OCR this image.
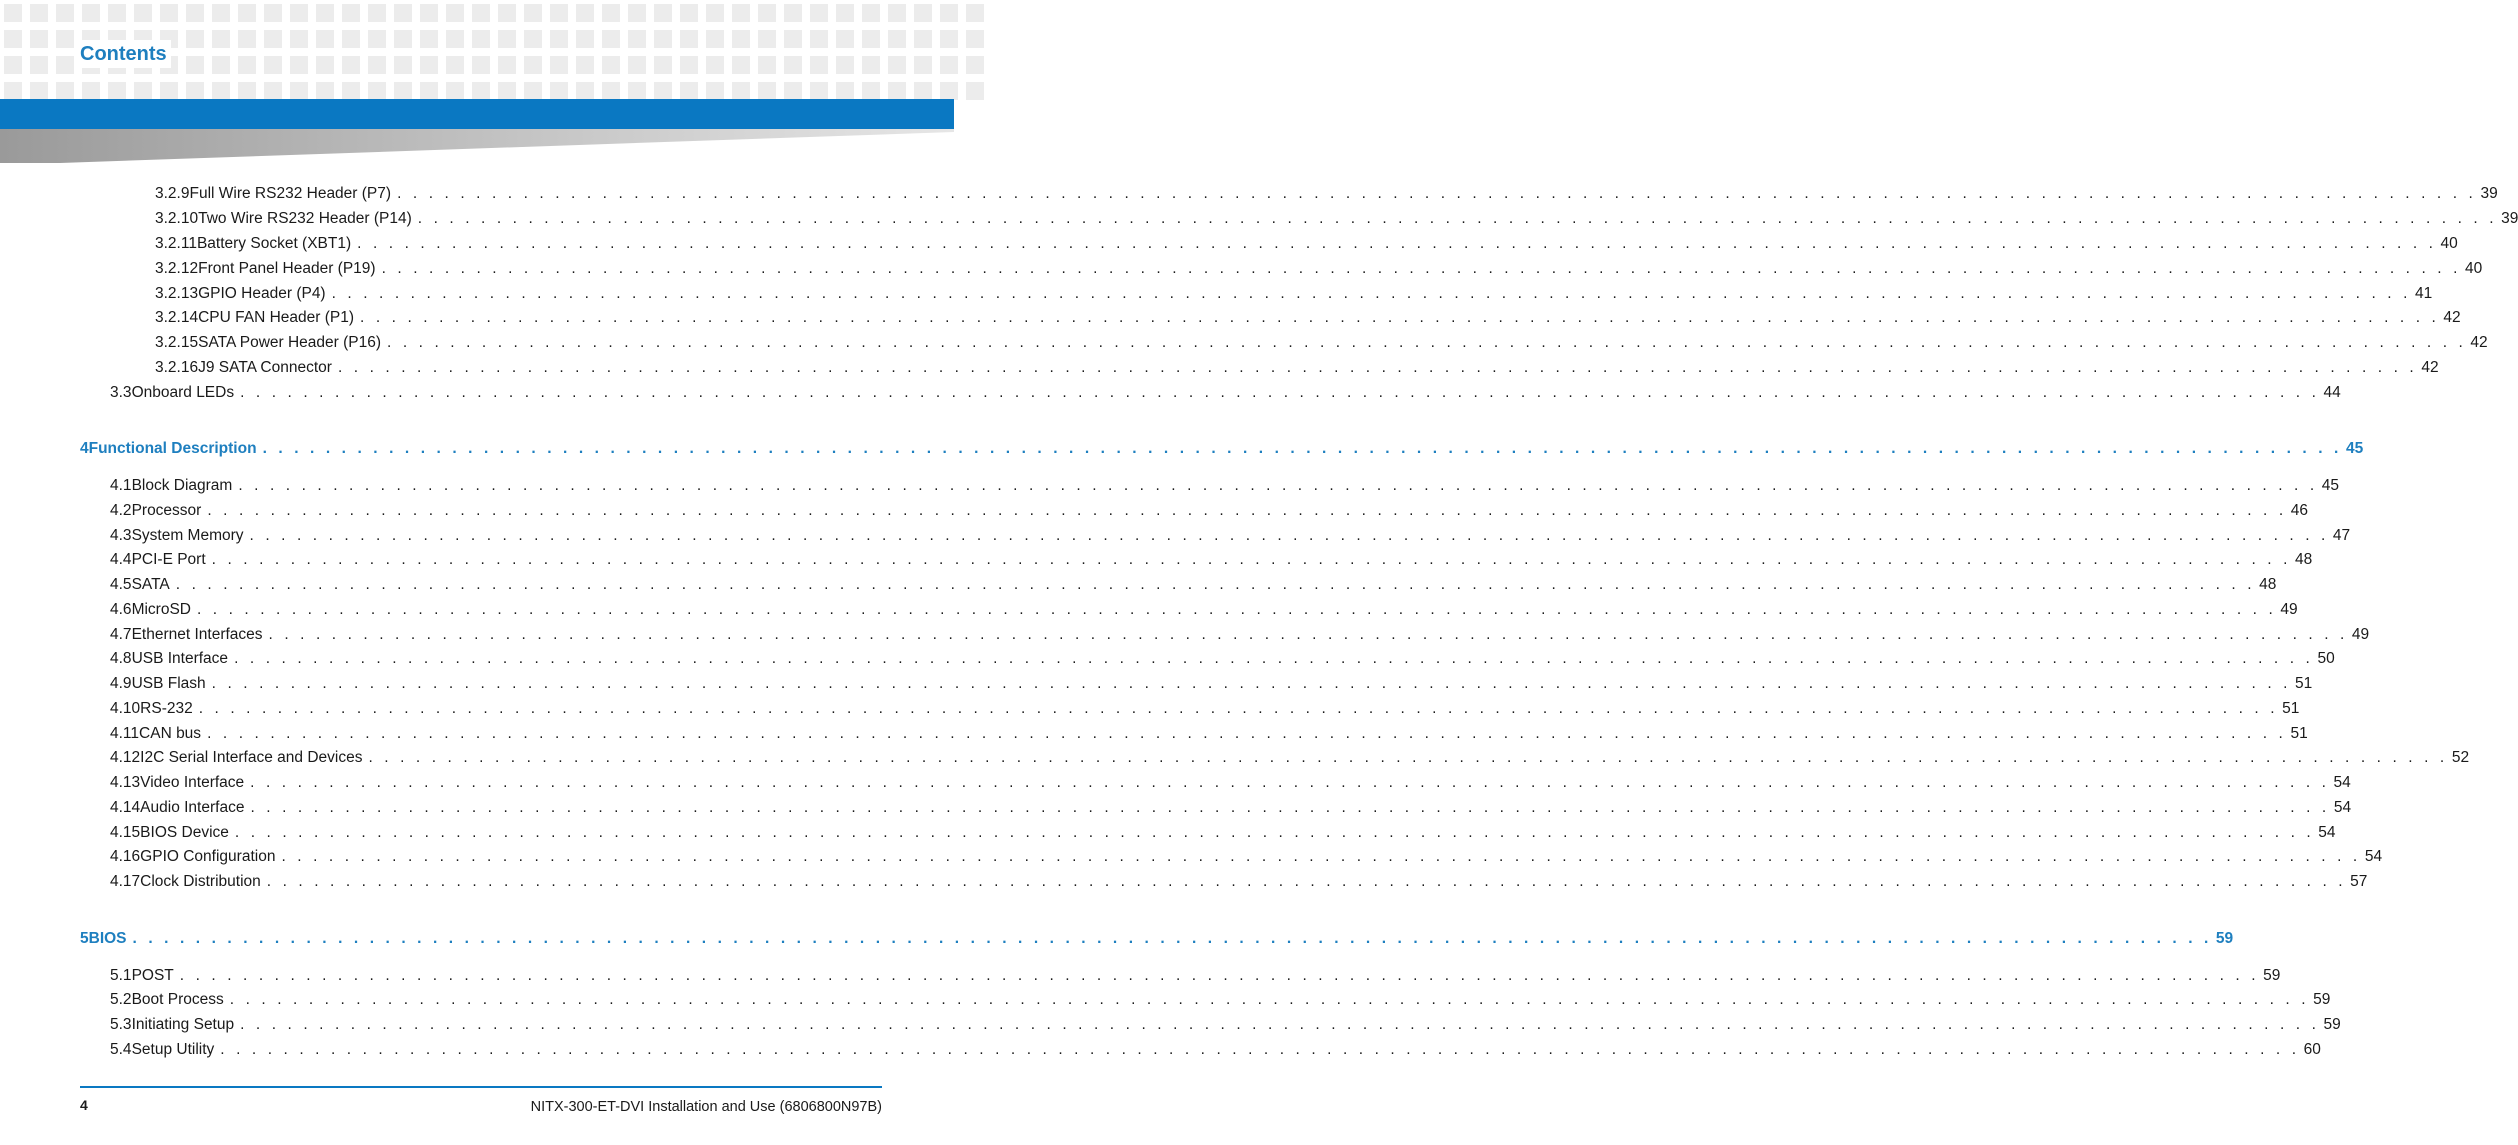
Contents
3.2.9 Full Wire RS232 Header (P7) . . . . . . . . . . . . . . . . . . . . . . . . . . . . . . . . . . . . . . . . . . . . . . . . . . . . . . . . . . . . . . . . . . . . . . . . . . . . . . . . . . . . . . . . . . . . . . . . . . . . . . . . . . . . . . . . . . . . . . . . . . . . . . . . . . . . 39
3.2.10 Two Wire RS232 Header (P14) . . . . . . . . . . . . . . . . . . . . . . . . . . . . . . . . . . . . . . . . . . . . . . . . . . . . . . . . . . . . . . . . . . . . . . . . . . . . . . . . . . . . . . . . . . . . . . . . . . . . . . . . . . . . . . . . . . . . . . . . . . . . . . . . . . . . 39
3.2.11 Battery Socket (XBT1) . . . . . . . . . . . . . . . . . . . . . . . . . . . . . . . . . . . . . . . . . . . . . . . . . . . . . . . . . . . . . . . . . . . . . . . . . . . . . . . . . . . . . . . . . . . . . . . . . . . . . . . . . . . . . . . . . . . . . . . . . . . . . . . . . . . . 40
3.2.12 Front Panel Header (P19) . . . . . . . . . . . . . . . . . . . . . . . . . . . . . . . . . . . . . . . . . . . . . . . . . . . . . . . . . . . . . . . . . . . . . . . . . . . . . . . . . . . . . . . . . . . . . . . . . . . . . . . . . . . . . . . . . . . . . . . . . . . . . . . . . . . . 40
3.2.13 GPIO Header (P4) . . . . . . . . . . . . . . . . . . . . . . . . . . . . . . . . . . . . . . . . . . . . . . . . . . . . . . . . . . . . . . . . . . . . . . . . . . . . . . . . . . . . . . . . . . . . . . . . . . . . . . . . . . . . . . . . . . . . . . . . . . . . . . . . . . . . 41
3.2.14 CPU FAN Header (P1) . . . . . . . . . . . . . . . . . . . . . . . . . . . . . . . . . . . . . . . . . . . . . . . . . . . . . . . . . . . . . . . . . . . . . . . . . . . . . . . . . . . . . . . . . . . . . . . . . . . . . . . . . . . . . . . . . . . . . . . . . . . . . . . . . . . . 42
3.2.15 SATA Power Header (P16) . . . . . . . . . . . . . . . . . . . . . . . . . . . . . . . . . . . . . . . . . . . . . . . . . . . . . . . . . . . . . . . . . . . . . . . . . . . . . . . . . . . . . . . . . . . . . . . . . . . . . . . . . . . . . . . . . . . . . . . . . . . . . . . . . . . . 42
3.2.16 J9 SATA Connector . . . . . . . . . . . . . . . . . . . . . . . . . . . . . . . . . . . . . . . . . . . . . . . . . . . . . . . . . . . . . . . . . . . . . . . . . . . . . . . . . . . . . . . . . . . . . . . . . . . . . . . . . . . . . . . . . . . . . . . . . . . . . . . . . . . . 42
3.3 Onboard LEDs . . . . . . . . . . . . . . . . . . . . . . . . . . . . . . . . . . . . . . . . . . . . . . . . . . . . . . . . . . . . . . . . . . . . . . . . . . . . . . . . . . . . . . . . . . . . . . . . . . . . . . . . . . . . . . . . . . . . . . . . . . . . . . . . . . . . 44
4 Functional Description . . . . . . . . . . . . . . . . . . . . . . . . . . . . . . . . . . . . . . . . . . . . . . . . . . . . . . . . . . . . . . . . . . . . . . . . . . . . . . . . . . . . . . . . . . . . . . . . . . . . . . . . . . . . . . . . . . . . . . . . . . . . . . . . . . . . 45
4.1 Block Diagram . . . . . . . . . . . . . . . . . . . . . . . . . . . . . . . . . . . . . . . . . . . . . . . . . . . . . . . . . . . . . . . . . . . . . . . . . . . . . . . . . . . . . . . . . . . . . . . . . . . . . . . . . . . . . . . . . . . . . . . . . . . . . . . . . . . . 45
4.2 Processor . . . . . . . . . . . . . . . . . . . . . . . . . . . . . . . . . . . . . . . . . . . . . . . . . . . . . . . . . . . . . . . . . . . . . . . . . . . . . . . . . . . . . . . . . . . . . . . . . . . . . . . . . . . . . . . . . . . . . . . . . . . . . . . . . . . . 46
4.3 System Memory . . . . . . . . . . . . . . . . . . . . . . . . . . . . . . . . . . . . . . . . . . . . . . . . . . . . . . . . . . . . . . . . . . . . . . . . . . . . . . . . . . . . . . . . . . . . . . . . . . . . . . . . . . . . . . . . . . . . . . . . . . . . . . . . . . . . 47
4.4 PCI-E Port . . . . . . . . . . . . . . . . . . . . . . . . . . . . . . . . . . . . . . . . . . . . . . . . . . . . . . . . . . . . . . . . . . . . . . . . . . . . . . . . . . . . . . . . . . . . . . . . . . . . . . . . . . . . . . . . . . . . . . . . . . . . . . . . . . . . 48
4.5 SATA . . . . . . . . . . . . . . . . . . . . . . . . . . . . . . . . . . . . . . . . . . . . . . . . . . . . . . . . . . . . . . . . . . . . . . . . . . . . . . . . . . . . . . . . . . . . . . . . . . . . . . . . . . . . . . . . . . . . . . . . . . . . . . . . . . . . 48
4.6 MicroSD . . . . . . . . . . . . . . . . . . . . . . . . . . . . . . . . . . . . . . . . . . . . . . . . . . . . . . . . . . . . . . . . . . . . . . . . . . . . . . . . . . . . . . . . . . . . . . . . . . . . . . . . . . . . . . . . . . . . . . . . . . . . . . . . . . . . 49
4.7 Ethernet Interfaces . . . . . . . . . . . . . . . . . . . . . . . . . . . . . . . . . . . . . . . . . . . . . . . . . . . . . . . . . . . . . . . . . . . . . . . . . . . . . . . . . . . . . . . . . . . . . . . . . . . . . . . . . . . . . . . . . . . . . . . . . . . . . . . . . . . . 49
4.8 USB Interface . . . . . . . . . . . . . . . . . . . . . . . . . . . . . . . . . . . . . . . . . . . . . . . . . . . . . . . . . . . . . . . . . . . . . . . . . . . . . . . . . . . . . . . . . . . . . . . . . . . . . . . . . . . . . . . . . . . . . . . . . . . . . . . . . . . . 50
4.9 USB Flash . . . . . . . . . . . . . . . . . . . . . . . . . . . . . . . . . . . . . . . . . . . . . . . . . . . . . . . . . . . . . . . . . . . . . . . . . . . . . . . . . . . . . . . . . . . . . . . . . . . . . . . . . . . . . . . . . . . . . . . . . . . . . . . . . . . . 51
4.10 RS-232 . . . . . . . . . . . . . . . . . . . . . . . . . . . . . . . . . . . . . . . . . . . . . . . . . . . . . . . . . . . . . . . . . . . . . . . . . . . . . . . . . . . . . . . . . . . . . . . . . . . . . . . . . . . . . . . . . . . . . . . . . . . . . . . . . . . . 51
4.11 CAN bus . . . . . . . . . . . . . . . . . . . . . . . . . . . . . . . . . . . . . . . . . . . . . . . . . . . . . . . . . . . . . . . . . . . . . . . . . . . . . . . . . . . . . . . . . . . . . . . . . . . . . . . . . . . . . . . . . . . . . . . . . . . . . . . . . . . . 51
4.12 I2C Serial Interface and Devices . . . . . . . . . . . . . . . . . . . . . . . . . . . . . . . . . . . . . . . . . . . . . . . . . . . . . . . . . . . . . . . . . . . . . . . . . . . . . . . . . . . . . . . . . . . . . . . . . . . . . . . . . . . . . . . . . . . . . . . . . . . . . . . . . . . . 52
4.13 Video Interface . . . . . . . . . . . . . . . . . . . . . . . . . . . . . . . . . . . . . . . . . . . . . . . . . . . . . . . . . . . . . . . . . . . . . . . . . . . . . . . . . . . . . . . . . . . . . . . . . . . . . . . . . . . . . . . . . . . . . . . . . . . . . . . . . . . . 54
4.14 Audio Interface . . . . . . . . . . . . . . . . . . . . . . . . . . . . . . . . . . . . . . . . . . . . . . . . . . . . . . . . . . . . . . . . . . . . . . . . . . . . . . . . . . . . . . . . . . . . . . . . . . . . . . . . . . . . . . . . . . . . . . . . . . . . . . . . . . . . 54
4.15 BIOS Device . . . . . . . . . . . . . . . . . . . . . . . . . . . . . . . . . . . . . . . . . . . . . . . . . . . . . . . . . . . . . . . . . . . . . . . . . . . . . . . . . . . . . . . . . . . . . . . . . . . . . . . . . . . . . . . . . . . . . . . . . . . . . . . . . . . . 54
4.16 GPIO Configuration . . . . . . . . . . . . . . . . . . . . . . . . . . . . . . . . . . . . . . . . . . . . . . . . . . . . . . . . . . . . . . . . . . . . . . . . . . . . . . . . . . . . . . . . . . . . . . . . . . . . . . . . . . . . . . . . . . . . . . . . . . . . . . . . . . . . 54
4.17 Clock Distribution . . . . . . . . . . . . . . . . . . . . . . . . . . . . . . . . . . . . . . . . . . . . . . . . . . . . . . . . . . . . . . . . . . . . . . . . . . . . . . . . . . . . . . . . . . . . . . . . . . . . . . . . . . . . . . . . . . . . . . . . . . . . . . . . . . . . 57
5 BIOS . . . . . . . . . . . . . . . . . . . . . . . . . . . . . . . . . . . . . . . . . . . . . . . . . . . . . . . . . . . . . . . . . . . . . . . . . . . . . . . . . . . . . . . . . . . . . . . . . . . . . . . . . . . . . . . . . . . . . . . . . . . . . . . . . . . . 59
5.1 POST . . . . . . . . . . . . . . . . . . . . . . . . . . . . . . . . . . . . . . . . . . . . . . . . . . . . . . . . . . . . . . . . . . . . . . . . . . . . . . . . . . . . . . . . . . . . . . . . . . . . . . . . . . . . . . . . . . . . . . . . . . . . . . . . . . . . 59
5.2 Boot Process . . . . . . . . . . . . . . . . . . . . . . . . . . . . . . . . . . . . . . . . . . . . . . . . . . . . . . . . . . . . . . . . . . . . . . . . . . . . . . . . . . . . . . . . . . . . . . . . . . . . . . . . . . . . . . . . . . . . . . . . . . . . . . . . . . . . 59
5.3 Initiating Setup . . . . . . . . . . . . . . . . . . . . . . . . . . . . . . . . . . . . . . . . . . . . . . . . . . . . . . . . . . . . . . . . . . . . . . . . . . . . . . . . . . . . . . . . . . . . . . . . . . . . . . . . . . . . . . . . . . . . . . . . . . . . . . . . . . . . 59
5.4 Setup Utility . . . . . . . . . . . . . . . . . . . . . . . . . . . . . . . . . . . . . . . . . . . . . . . . . . . . . . . . . . . . . . . . . . . . . . . . . . . . . . . . . . . . . . . . . . . . . . . . . . . . . . . . . . . . . . . . . . . . . . . . . . . . . . . . . . . . 60
4	NITX-300-ET-DVI Installation and Use (6806800N97B)
